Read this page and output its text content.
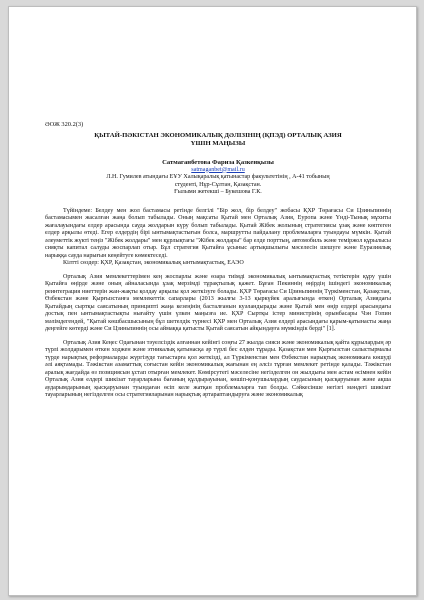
ӘОЖ 320.2(3)
ҚЫТАЙ-ПӘКІСТАН ЭКОНОМИКАЛЫҚ ДӘЛІЗІНІҢ (ҚПЭД) ОРТАЛЫҚ АЗИЯ
ҮШІН МАҢЫЗЫ
Сатмаганбетова Фариза Қазкенқызы
satmaganbet@mail.ru
Л.Н. Гумилев атындағы ЕҰУ Халықаралық қатынастар факультетінің , А-41 тобының
студенті, Нұр-Сұлтан, Қазақстан.
Ғылыми жетекші – Букешова Г.К.
Түйіндеме: Белдеу мен жол бастамасы ретінде белгілі "Бір жол, бір белдеу" жобасы ҚХР Төрағасы Си Цзиньпиннің бастамасымен жасалған жаңа болып табылады. Оның мақсаты Қытай мен Орталық Азия, Еуропа және Үнді-Тынық мұхиты жағалауындағы елдер арасында сауда жолдарын күру болып табылады. Қытай Жібек жолының стратегиясы ұзақ және көптеген елдер арқылы өтеді. Егер елдердің бірі ынтымақтастығын болса, маршрутты пайдалану проблемаларға туындауы мүмкін. Қытай әлеуметтік жүкті теңіз "Жібек жолдары" мен құрлықтағы "Жібек жолдары" бар елде порттың, автомобиль және теміржол құрылысы сияқты капитал салуды жоспарлап отыр. Бұл стратегия Қытайға ұсыныс артықшылығы мәселесін шешуге және Еуразиялық нарыққа сауда нарығын кеңейтуге көмектеседі.
Кілтті сөздер: ҚХР, Қазақстан, экономикалық ынтымақтастық, ЕАЭО
Орталық Азия мемлекеттерімен кең жоспарлы және өзара тиімді экономикалық ынтымақтастық тетіктерін құру үшін Қытайға өңірде және оның айналасында ұзақ мерзімді тұрақтылық қажет. Бұған Пекиннің өңірдің ішіндегі экономикалық реинтеграция ниеттерін жан-жақты қолдау арқылы қол жеткізуге болады. ҚХР Төрағасы Си Цзиньпиннің Түркіменстан, Қазақстан, Өзбекстан және Қырғызстанға мемлекеттік сапарлары (2013 жылғы 3-13 қыркүйек аралығында өткен) Орталық Азиядағы Қытайдың сыртқы саясатының принципті жаңа кезеңінің басталғанын куәландырады және Қытай мен өңір елдері арасындағы достық пен ынтымақтастықты нығайту үшін үлкен маңызға ие. ҚХР Сыртқы істер министрінің орынбасары Чэн Гопин мәлімдегендей, "Қытай көшбасшысының бұл шетелдік турнесі ҚХР мен Орталық Азия елдері арасындағы қарым-қатынасты жаңа деңгейге көтерді және Си Цзиньпиннің осы аймаққа қатысты Қытай саясатын айқындауға мүмкіндік берді" [1].
Орталық Азия Кеңес Одағынан тәуелсіздік алғаннан кейінгі соңғы 27 жылда сияси және экономикалық қайта құрылардың әр түрлі жолдарымен өткен ходжен және этникалық қатынасқа әр түрлі бес елден тұрады. Қазақстан мен Қырғызстан салыстырмалы түрде нарықтық реформаларды жүргізуде тағыстарға қол жеткізді, ал Түркіменстан мен Өзбекстан нарықтық экономикаға көшуді әлі аяқтамады. Тәжікстан азаматтық соғыстан кейін экономикалық жағынан ең әлсіз тұрған мемлекет ретінде қалады. Тәжікстан аралық жағдайда өз позициясын ұстап отырған мемлекет. Көмірсутегі мәселесіне негізделген он жылдығы мен астам өсімнен кейін Орталық Азия елдері шикізат тауарларына бағаның құлдырауынан, көшіп-қонушылардың саудасының қысқаруынан және ақша аударымдарының қысқаруынан туындаған өсіп келе жатқан проблемаларға тап болды. Сәйкесінше негізгі мәндегі шикізат тауарларының негізделген осы стратегияларынан нарықтық әртараптандыруға және экономикалық
